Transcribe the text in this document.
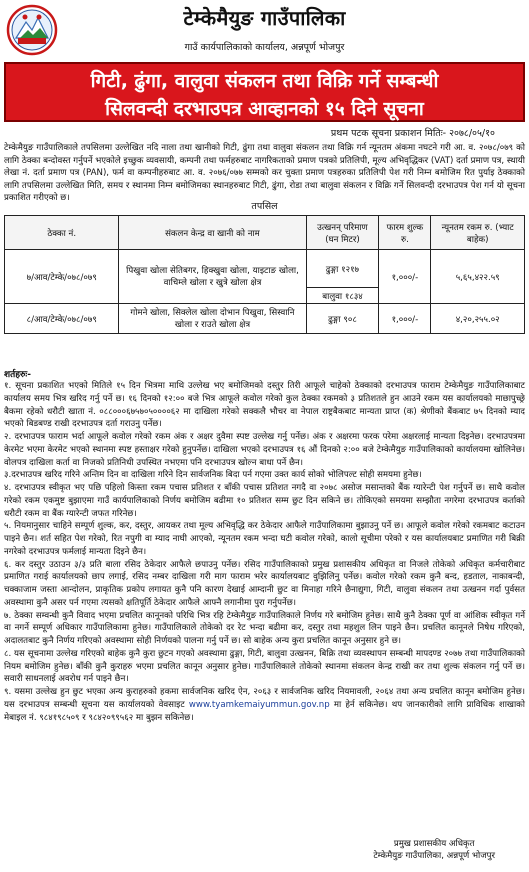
टेम्केमैयुङ गाउँपालिका
गाउँ कार्यपालिकाको कार्यालय, अन्नपूर्ण भोजपुर
गिटी, ढुंगा, वालुवा संकलन तथा विक्रि गर्ने सम्बन्धी
सिलवन्दी दरभाउपत्र आव्हानको १५ दिने सूचना
प्रथम पटक सूचना प्रकाशन मितिः- २०७८/०५/१०
टेम्केमैयुङ गाउँपालिकाले तपसिलमा उल्लेखित नदि नाला तथा खानीको गिटी, ढुंगा तथा वालुवा संकलन तथा विक्रि गर्न न्यूनतम अंकमा नघटने गरी आ. व. २०७८/०७९ को लागि ठेक्का बन्दोवस्त गर्नुपर्ने भएकोले इच्छुक व्यवसायी, कम्पनी तथा फर्महरुबाट नागरिकताको प्रमाण पत्रको प्रतिलिपी, मूल्य अभिवृद्धिकर (VAT) दर्ता प्रमाण पत्र, स्थायी लेखा नं. दर्ता प्रमाण पत्र (PAN), फर्म वा कम्पनीहरुबाट आ. व. २०७६/०७७ सम्मको कर चुक्ता प्रमाण पत्रहरुका प्रतिलिपी पेश गरी निम्न बमोजिम रित पुर्याइ ठेक्काको लागि तपसिलमा उल्लेखित मिति, समय र स्थानमा निम्न बमोजिमका स्थानहरुबाट गिटी, ढुंगा, रोडा तथा बालुवा संकलन र विक्रि गर्ने सिलवन्दी दरभाउपत्र पेश गर्न यो सूचना प्रकाशित गरीएको छ।
तपसिल
ठेक्का नं.	संकलन केन्द्र वा खानी को नाम	उत्खनन् परिमाण (घन मिटर)	फारम शुल्क रु.	न्यूनतम रकम रु. (भ्याट बाहेक)
७/आव/टेम्के/०७८/०७९	पिखुवा खोला सेतिबगर, हिक्खुवा खोला, याइटाङ खोला, वाचिम्ले खोला र खुत्रे खोला क्षेत्र	ढुङ्गा १२१७	१,०००/-	५,६५,४२२.५९
		बालुवा १८३४		
८/आव/टेम्के/०७८/०७९	गोमने खोला, सिक्लेल खोला दोभान पिखुवा, सिस्वानि खोला र राउते खोला क्षेत्र	ढुङ्गा ९०८	१,०००/-	४,२०,२५५.०२
शर्तहरुः-

१. सूचना प्रकाशित भएको मितिले १५ दिन भित्रमा माथि उल्लेख भए बमोजिमको दस्तुर तिरी आफूले चाहेको ठेक्काको दरभाउपत्र फाराम टेम्केमैयुङ गाउँपालिकाबाट कार्यालय समय भित्र खरिद गर्नु पर्ने छ। १६ दिनको १२:०० बजे भित्र आफूले कवोल गरेको कुल ठेक्का रकमको ३ प्रतिशतले हुन आउने रकम यस कार्यालयको माछापुच्छ्रे बैकमा रहेको धरौटी खाता नं. ०८८०००६७५७०५००००६२ मा दाखिला गरेको सक्कलै भौचर वा नेपाल राष्ट्रबैकबाट मान्यता प्राप्त (क) श्रेणीको बैंकबाट ७५ दिनको म्याद भएको बिडबण्ड राखी दरभाउपत्र दर्ता गराउनु पर्नेछ।

२. दरभाउपत्र फाराम भर्दा आफूले कवोल गरेको रकम अंक र अक्षर दुवैमा स्पष्ट उल्लेख गर्नु पर्नेछ। अंक र अक्षरमा फरक परेमा अक्षरलाई मान्यता दिइनेछ। दरभाउपत्रमा केरमेट भएमा केरमेट भएको स्थानमा स्पष्ट हस्ताक्षर गरेको हुनुपर्नेछ। दाखिला भएको दरभाउपत्र १६ औं दिनको २:०० बजे टेम्केमैयुङ गाउँपालिकाको कार्यालयमा खोलिनेछ। वोलपत्र दाखिला कर्ता वा निजको प्रतिनिधी उपस्थित नभएमा पनि दरभाउपत्र खोल्न बाधा पर्ने छैन।

३.दरभाउपत्र खरिद गरिने अन्तिम दिन वा दाखिला गरिने दिन सार्वजनिक बिदा पर्न गएमा उक्त कार्य सोको भोलिपल्ट सोही समयमा हुनेछ।

४. दरभाउपत्र स्वीकृत भए पछि पहिलो किस्ता रकम पचास प्रतिशत र बाँकी पचास प्रतिशत नगदै वा २०७८ असोज मसान्तको बैंक ग्यारेन्टी पेश गर्नुपर्ने छ। साथै कवोल गरेको रकम एकमुष्ट बुझाएमा गाउँ कार्यपालिकाको निर्णय बमोजिम बढीमा १० प्रतिशत सम्म छुट दिन सकिने छ। तोकिएको समयमा सम्झौता नगरेमा दरभाउपत्र कर्ताको धरौटी रकम वा बैंक ग्यारेन्टी जफत गरिनेछ।

५. नियमानुसार चाहिने सम्पूर्ण शुल्क, कर, दस्तुर, आयकर तथा मूल्य अभिवृद्धि कर ठेकेदार आफैले गाउँपालिकामा बुझाउनु पर्ने छ। आफूले कवोल गरेको रकमबाट कटाउन पाइने छैन। शर्त सहित पेश गरेको, रित नपुगी वा म्याद नाघी आएको, न्यूनतम रकम भन्दा घटी कवोल गरेको, कालो सूचीमा परेको र यस कार्यालयबाट प्रमाणित गरी बिक्री नगरेको दरभाउपत्र फर्मलाई मान्यता दिइने छैन।

६. कर दस्तुर उठाउन ३/३ प्रति बाला रसिद ठेकेदार आफैले छपाउनु पर्नेछ। रसिद गाउँपालिकाको प्रमुख प्रशासकीय अधिकृत वा निजले तोकेको अधिकृत कर्मचारीबाट प्रमाणित गराई कार्यालयको छाप लगाई, रसिद नम्बर दाखिला गरी माग फाराम भरेर कार्यालयबाट वुझिलिनु पर्नेछ। कवोल गरेको रकम कुनै बन्द, हडताल, नाकाबन्दी, चक्काजाम जस्ता आन्दोलन, प्राकृतिक प्रकोप लगायत कुनै पनि कारण देखाई आम्दानी छुट वा मिनाहा गरिने छैनाद्युगा, गिटी, वालुवा संकलन तथा उत्खनन गर्दा पुर्वसत अवस्थामा कुनै असर पर्न गएमा त्यसको क्षतिपूर्ति ठेकेदार आफैले आफ्नै लगानीमा पुरा गर्नुपर्नेछ।

७. ठेक्का सम्वन्धी कुनै विवाद भएमा प्रचलित कानूनको परिधि भित्र रहि टेम्केमैयुङ गाउँपालिकाले निर्णय गरे बमोजिम हुनेछ। साथै कुनै ठेक्का पूर्ण वा आंशिक स्वीकृत गर्ने वा नगर्ने सम्पूर्ण अधिकार गाउँपालिकामा हुनेछ। गाउँपालिकाले तोकेको दर रेट भन्दा बढीमा कर, दस्तुर तथा महशुल लिन पाइने छैन। प्रचलित कानूनले निषेध गरिएको, अदालतबाट कुनै निर्णय गरिएको अवस्थामा सोही निर्णयको पालना गर्नु पर्ने छ। सो बाहेक अन्य कुरा प्रचलित कानून अनुसार हुने छ।

८. यस सूचनामा उल्लेख गरिएको बाहेक कुनै कुरा छुटन गएको अवस्थामा ढुङ्गा, गिटी, बालुवा उत्खनन, बिक्रि तथा व्यवस्थापन सम्बन्धी मापदण्ड २०७७ तथा गाउँपालिकाको नियम बमोजिम हुनेछ। बाँकी कुनै कुराहरु भएमा प्रचलित कानून अनुसार हुनेछ। गाउँपालिकाले तोकेको स्थानमा संकलन केन्द्र राखी कर तथा शुल्क संकलन गर्नु पर्ने छ। सवारी साधनलाई अवरोध गर्न पाइने छैन।

९. यसमा उल्लेख हुन छुट भएका अन्य कुराहरुको हकमा सार्वजनिक खरिद ऐन, २०६३ र सार्वजनिक खरिद नियमावली, २०६४ तथा अन्य प्रचलित कानून बमोजिम हुनेछ। यस दरभाउपत्र सम्बन्धी सूचना यस कार्यालयको वेवसाइट www.tyamkemaiyummun.gov.np मा हेर्न सकिनेछ। थप जानकारीको लागि प्राविधिक शाखाको मेबाइल नं. ९८४१९८५०९ र ९८४२०९९५६२ मा बुझन सकिनेछ।

प्रमुख प्रशासकीय अधिकृत
टेम्केमैयुङ गाउँपालिका, अन्नपूर्ण भोजपुर
